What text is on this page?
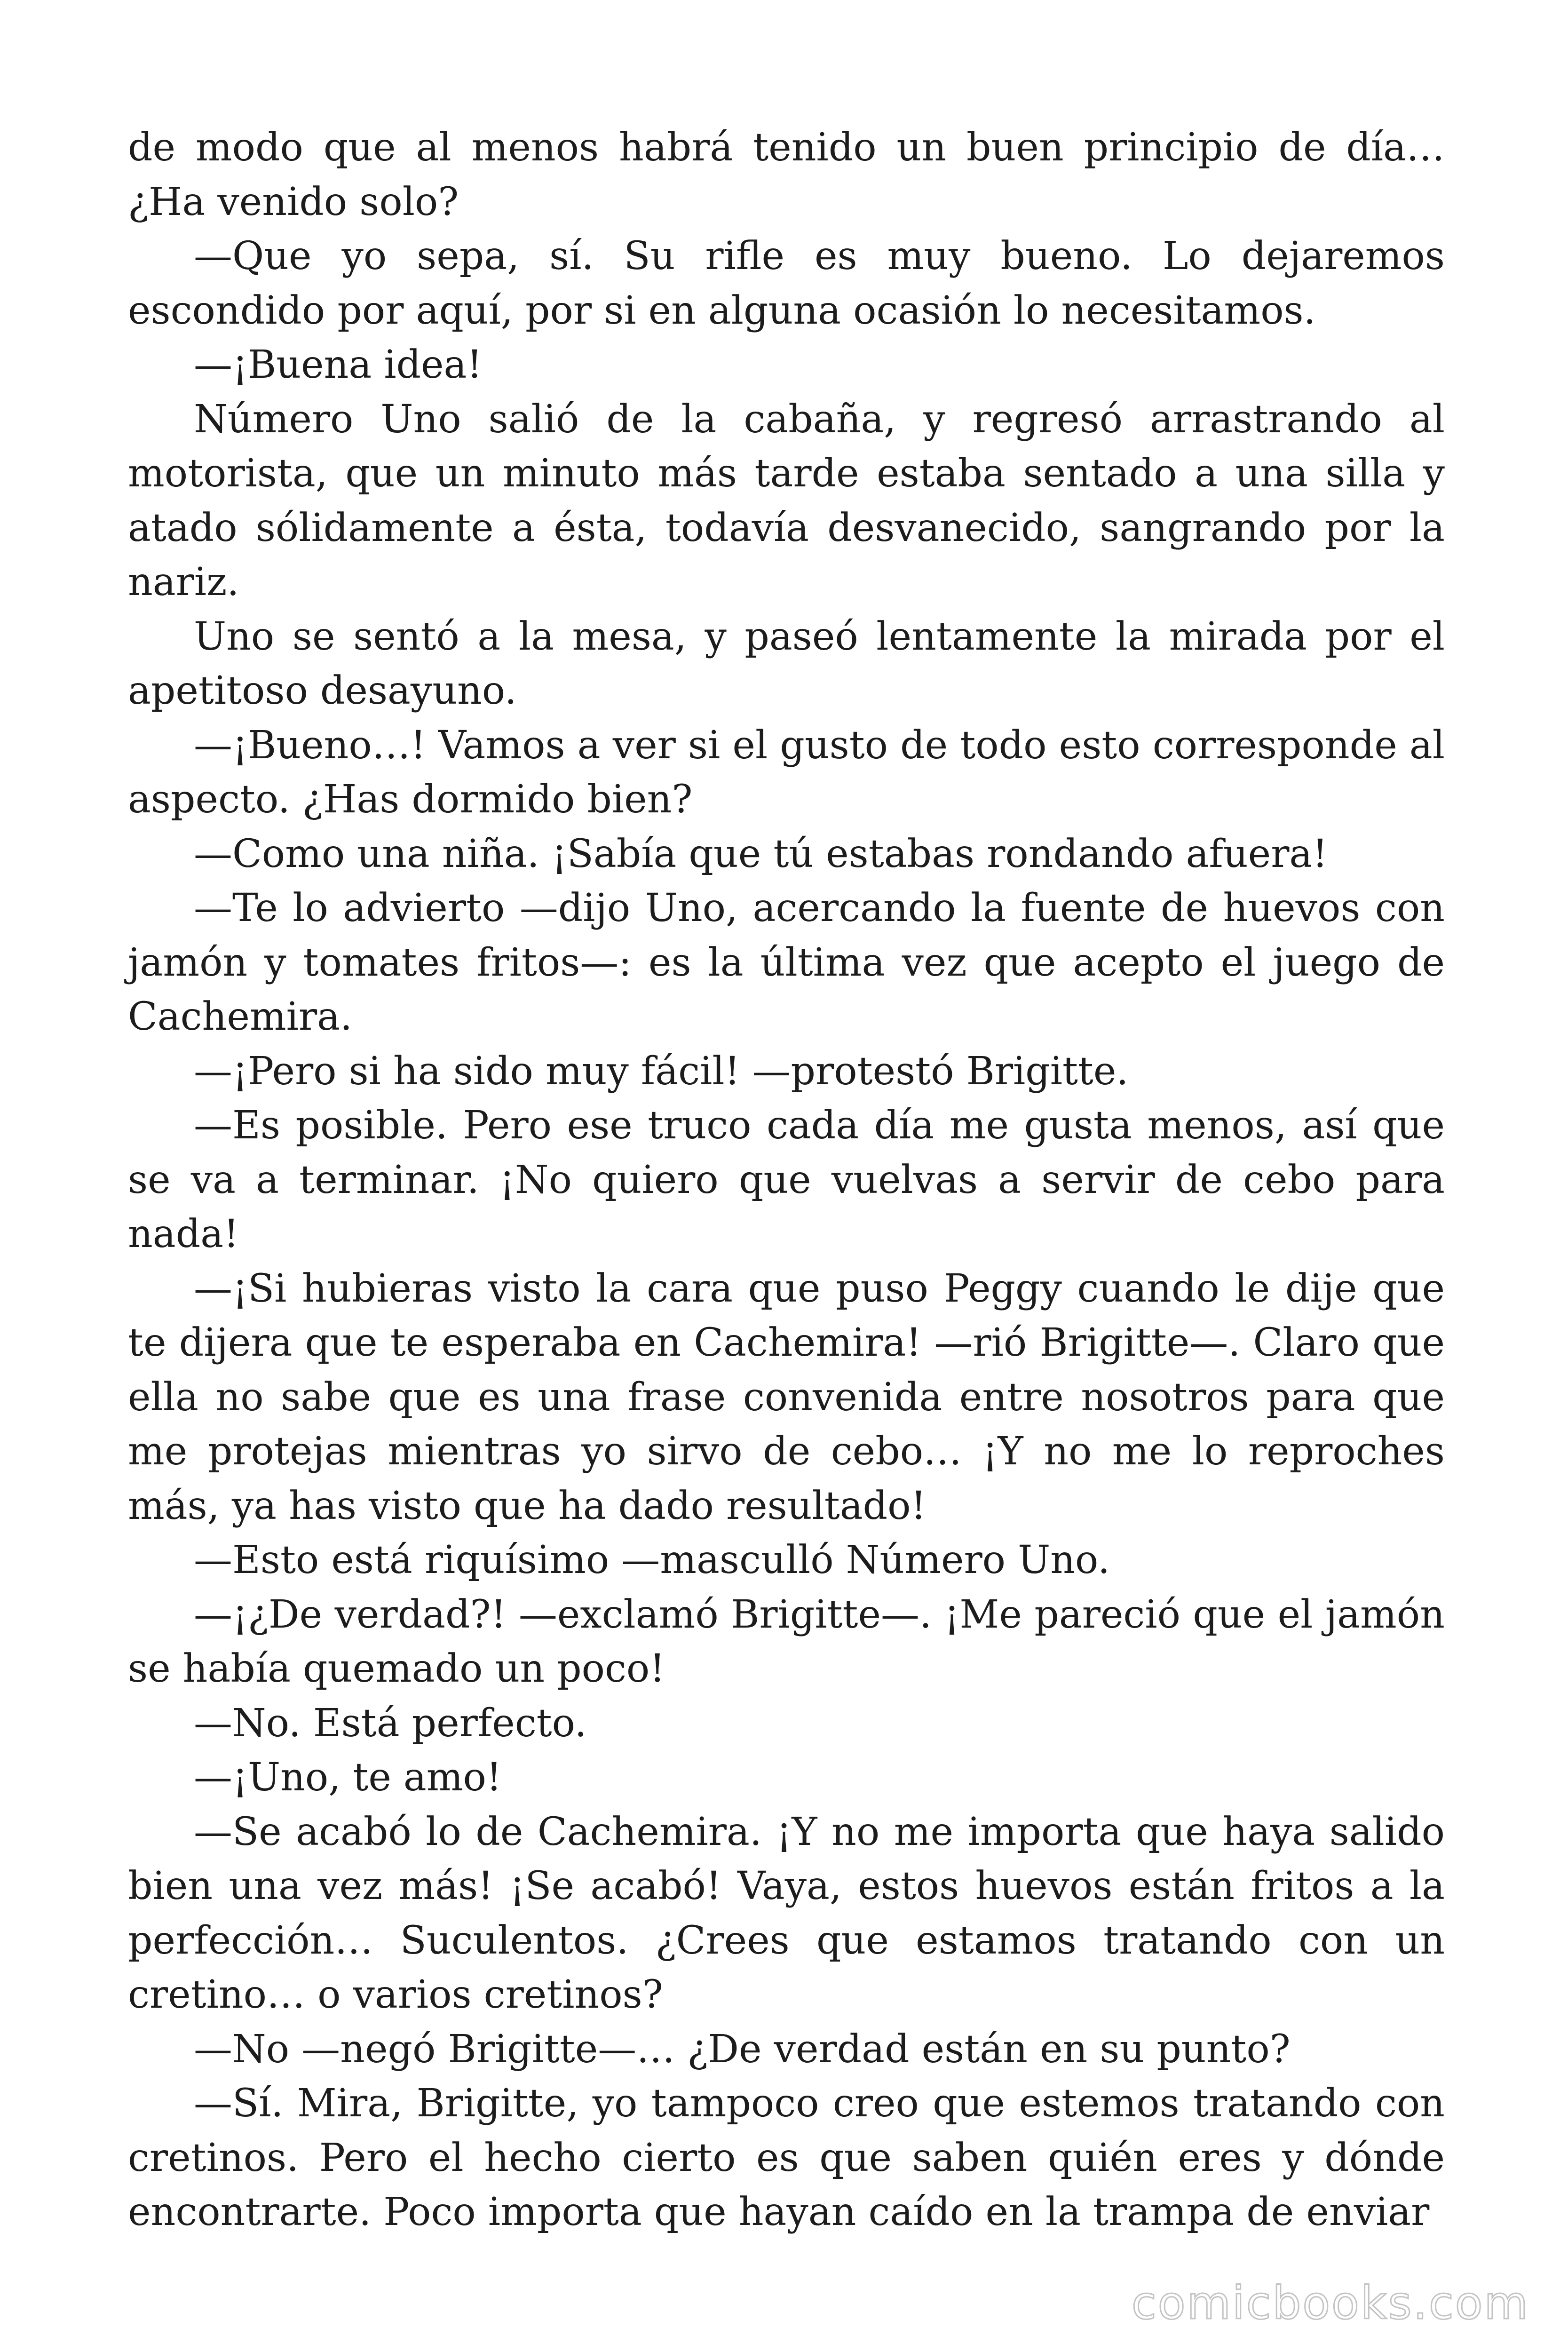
de modo que al menos habrá tenido un buen principio de día… ¿Ha venido solo?

—Que yo sepa, sí. Su rifle es muy bueno. Lo dejaremos escondido por aquí, por si en alguna ocasión lo necesitamos.

—¡Buena idea!

Número Uno salió de la cabaña, y regresó arrastrando al motorista, que un minuto más tarde estaba sentado a una silla y atado sólidamente a ésta, todavía desvanecido, sangrando por la nariz.

Uno se sentó a la mesa, y paseó lentamente la mirada por el apetitoso desayuno.

—¡Bueno…! Vamos a ver si el gusto de todo esto corresponde al aspecto. ¿Has dormido bien?

—Como una niña. ¡Sabía que tú estabas rondando afuera!

—Te lo advierto —dijo Uno, acercando la fuente de huevos con jamón y tomates fritos—: es la última vez que acepto el juego de Cachemira.

—¡Pero si ha sido muy fácil! —protestó Brigitte.

—Es posible. Pero ese truco cada día me gusta menos, así que se va a terminar. ¡No quiero que vuelvas a servir de cebo para nada!

—¡Si hubieras visto la cara que puso Peggy cuando le dije que te dijera que te esperaba en Cachemira! —rió Brigitte—. Claro que ella no sabe que es una frase convenida entre nosotros para que me protejas mientras yo sirvo de cebo… ¡Y no me lo reproches más, ya has visto que ha dado resultado!

—Esto está riquísimo —masculló Número Uno.

—¡¿De verdad?! —exclamó Brigitte—. ¡Me pareció que el jamón se había quemado un poco!

—No. Está perfecto.

—¡Uno, te amo!

—Se acabó lo de Cachemira. ¡Y no me importa que haya salido bien una vez más! ¡Se acabó! Vaya, estos huevos están fritos a la perfección… Suculentos. ¿Crees que estamos tratando con un cretino… o varios cretinos?

—No —negó Brigitte—… ¿De verdad están en su punto?

—Sí. Mira, Brigitte, yo tampoco creo que estemos tratando con cretinos. Pero el hecho cierto es que saben quién eres y dónde encontrarte. Poco importa que hayan caído en la trampa de enviar

comicbooks.com
